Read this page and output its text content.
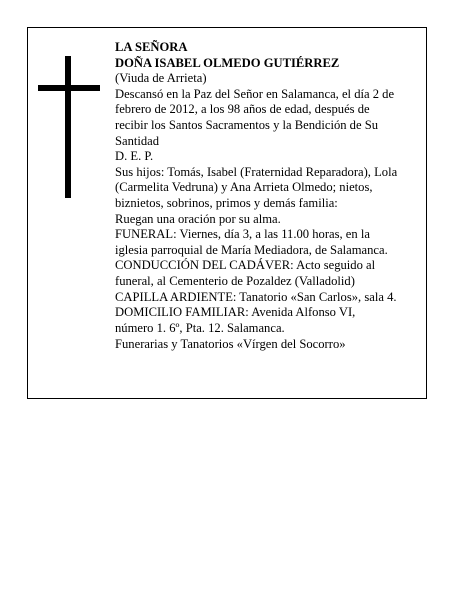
LA SEÑORA
DOÑA ISABEL OLMEDO GUTIÉRREZ
(Viuda de Arrieta)
Descansó en la Paz del Señor en Salamanca, el día 2 de
febrero de 2012, a los 98 años de edad, después de
recibir los Santos Sacramentos y la Bendición de Su
Santidad
D. E. P.
Sus hijos: Tomás, Isabel (Fraternidad Reparadora), Lola
(Carmelita Vedruna) y Ana Arrieta Olmedo; nietos,
biznietos, sobrinos, primos y demás familia:
Ruegan una oración por su alma.
FUNERAL: Viernes, día 3, a las 11.00 horas, en la
iglesia parroquial de María Mediadora, de Salamanca.
CONDUCCIÓN DEL CADÁVER: Acto seguido al
funeral, al Cementerio de Pozaldez (Valladolid)
CAPILLA ARDIENTE: Tanatorio «San Carlos», sala 4.
DOMICILIO FAMILIAR: Avenida Alfonso VI,
número 1. 6º, Pta. 12. Salamanca.
Funerarias y Tanatorios «Vírgen del Socorro»
